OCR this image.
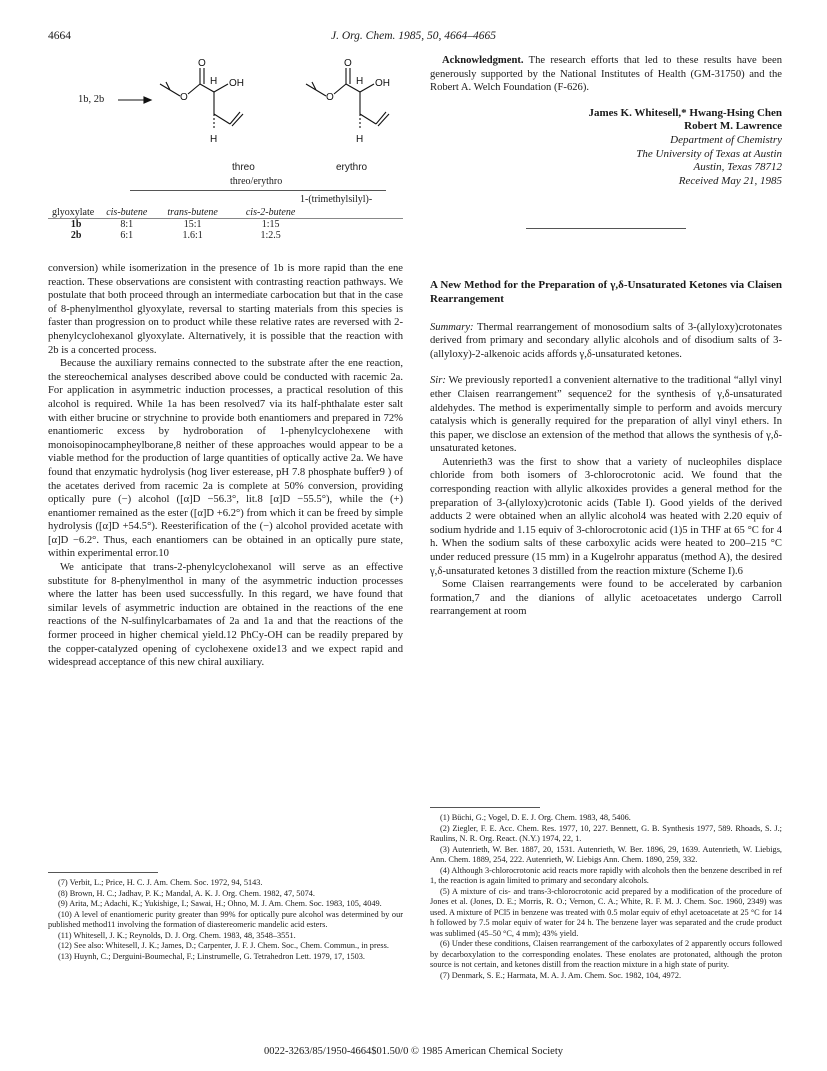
4664	J. Org. Chem. 1985, 50, 4664–4665
1b, 2b	O
O
OH
H
H
O
O
OH
H
H
threo	erythro
threo/erythro
1-(trimethylsilyl)-
glyoxylate	cis-butene	trans-butene	cis-2-butene
1b	8:1	15:1	1:15
2b	6:1	1.6:1	1:2.5

conversion) while isomerization in the presence of 1b is more rapid than the ene reaction. These observations are consistent with contrasting reaction pathways. We postulate that both proceed through an intermediate carbocation but that in the case of 8-phenylmenthol glyoxylate, reversal to starting materials from this species is faster than progression on to product while these relative rates are reversed with 2-phenylcyclohexanol glyoxylate. Alternatively, it is possible that the reaction with 2b is a concerted process.

Because the auxiliary remains connected to the substrate after the ene reaction, the stereochemical analyses described above could be conducted with racemic 2a. For application in asymmetric induction processes, a practical resolution of this alcohol is required. While 1a has been resolved7 via its half-phthalate ester salt with either brucine or strychnine to provide both enantiomers and prepared in 72% enantiomeric excess by hydroboration of 1-phenylcyclohexene with monoisopinocampheylborane,8 neither of these approaches would appear to be a viable method for the production of large quantities of optically active 2a. We have found that enzymatic hydrolysis (hog liver esterease, pH 7.8 phosphate buffer9 ) of the acetates derived from racemic 2a is complete at 50% conversion, providing optically pure (−) alcohol ([α]D −56.3°, lit.8 [α]D −55.5°), while the (+) enantiomer remained as the ester ([α]D +6.2°) from which it can be freed by simple hydrolysis ([α]D +54.5°). Reesterification of the (−) alcohol provided acetate with [α]D −6.2°. Thus, each enantiomers can be obtained in an optically pure state, within experimental error.10

We anticipate that trans-2-phenylcyclohexanol will serve as an effective substitute for 8-phenylmenthol in many of the asymmetric induction processes where the latter has been used successfully. In this regard, we have found that similar levels of asymmetric induction are obtained in the reactions of the ene reactions of the N-sulfinylcarbamates of 2a and 1a and that the reactions of the former proceed in higher chemical yield.12 PhCy-OH can be readily prepared by the copper-catalyzed opening of cyclohexene oxide13 and we expect rapid and widespread acceptance of this new chiral auxiliary.

(7) Verbit, L.; Price, H. C. J. Am. Chem. Soc. 1972, 94, 5143.

(8) Brown, H. C.; Jadhav, P. K.; Mandal, A. K. J. Org. Chem. 1982, 47, 5074.

(9) Arita, M.; Adachi, K.; Yukishige, I.; Sawai, H.; Ohno, M. J. Am. Chem. Soc. 1983, 105, 4049.

(10) A level of enantiomeric purity greater than 99% for optically pure alcohol was determined by our published method11 involving the formation of diastereomeric mandelic acid esters.

(11) Whitesell, J. K.; Reynolds, D. J. Org. Chem. 1983, 48, 3548–3551.

(12) See also: Whitesell, J. K.; James, D.; Carpenter, J. F. J. Chem. Soc., Chem. Commun., in press.

(13) Huynh, C.; Derguini-Boumechal, F.; Linstrumelle, G. Tetrahedron Lett. 1979, 17, 1503.

Acknowledgment. The research efforts that led to these results have been generously supported by the National Institutes of Health (GM-31750) and the Robert A. Welch Foundation (F-626).

James K. Whitesell,* Hwang-Hsing Chen
Robert M. Lawrence
Department of Chemistry
The University of Texas at Austin
Austin, Texas 78712
Received May 21, 1985
A New Method for the Preparation of γ,δ-Unsaturated Ketones via Claisen Rearrangement

Summary: Thermal rearrangement of monosodium salts of 3-(allyloxy)crotonates derived from primary and secondary allylic alcohols and of disodium salts of 3-(allyloxy)-2-alkenoic acids affords γ,δ-unsaturated ketones.

Sir: We previously reported1 a convenient alternative to the traditional “allyl vinyl ether Claisen rearrangement” sequence2 for the synthesis of γ,δ-unsaturated aldehydes. The method is experimentally simple to perform and avoids mercury catalysis which is generally required for the preparation of allyl vinyl ethers. In this paper, we disclose an extension of the method that allows the synthesis of γ,δ-unsaturated ketones.

Autenrieth3 was the first to show that a variety of nucleophiles displace chloride from both isomers of 3-chlorocrotonic acid. We found that the corresponding reaction with allylic alkoxides provides a general method for the preparation of 3-(allyloxy)crotonic acids (Table I). Good yields of the derived adducts 2 were obtained when an allylic alcohol4 was heated with 2.20 equiv of sodium hydride and 1.15 equiv of 3-chlorocrotonic acid (1)5 in THF at 65 °C for 4 h. When the sodium salts of these carboxylic acids were heated to 200–215 °C under reduced pressure (15 mm) in a Kugelrohr apparatus (method A), the desired γ,δ-unsaturated ketones 3 distilled from the reaction mixture (Scheme I).6

Some Claisen rearrangements were found to be accelerated by carbanion formation,7 and the dianions of allylic acetoacetates undergo Carroll rearrangement at room

(1) Büchi, G.; Vogel, D. E. J. Org. Chem. 1983, 48, 5406.

(2) Ziegler, F. E. Acc. Chem. Res. 1977, 10, 227. Bennett, G. B. Synthesis 1977, 589. Rhoads, S. J.; Raulins, N. R. Org. React. (N.Y.) 1974, 22, 1.

(3) Autenrieth, W. Ber. 1887, 20, 1531. Autenrieth, W. Ber. 1896, 29, 1639. Autenrieth, W. Liebigs, Ann. Chem. 1889, 254, 222. Autenrieth, W. Liebigs Ann. Chem. 1890, 259, 332.

(4) Although 3-chlorocrotonic acid reacts more rapidly with alcohols then the benzene described in ref 1, the reaction is again limited to primary and secondary alcohols.

(5) A mixture of cis- and trans-3-chlorocrotonic acid prepared by a modification of the procedure of Jones et al. (Jones, D. E.; Morris, R. O.; Vernon, C. A.; White, R. F. M. J. Chem. Soc. 1960, 2349) was used. A mixture of PCl5 in benzene was treated with 0.5 molar equiv of ethyl acetoacetate at 25 °C for 14 h followed by 7.5 molar equiv of water for 24 h. The benzene layer was separated and the crude product was sublimed (45–50 °C, 4 mm); 43% yield.

(6) Under these conditions, Claisen rearrangement of the carboxylates of 2 apparently occurs followed by decarboxylation to the corresponding enolates. These enolates are protonated, although the proton source is not certain, and ketones distill from the reaction mixture in a high state of purity.

(7) Denmark, S. E.; Harmata, M. A. J. Am. Chem. Soc. 1982, 104, 4972.

0022-3263/85/1950-4664$01.50/0 © 1985 American Chemical Society
